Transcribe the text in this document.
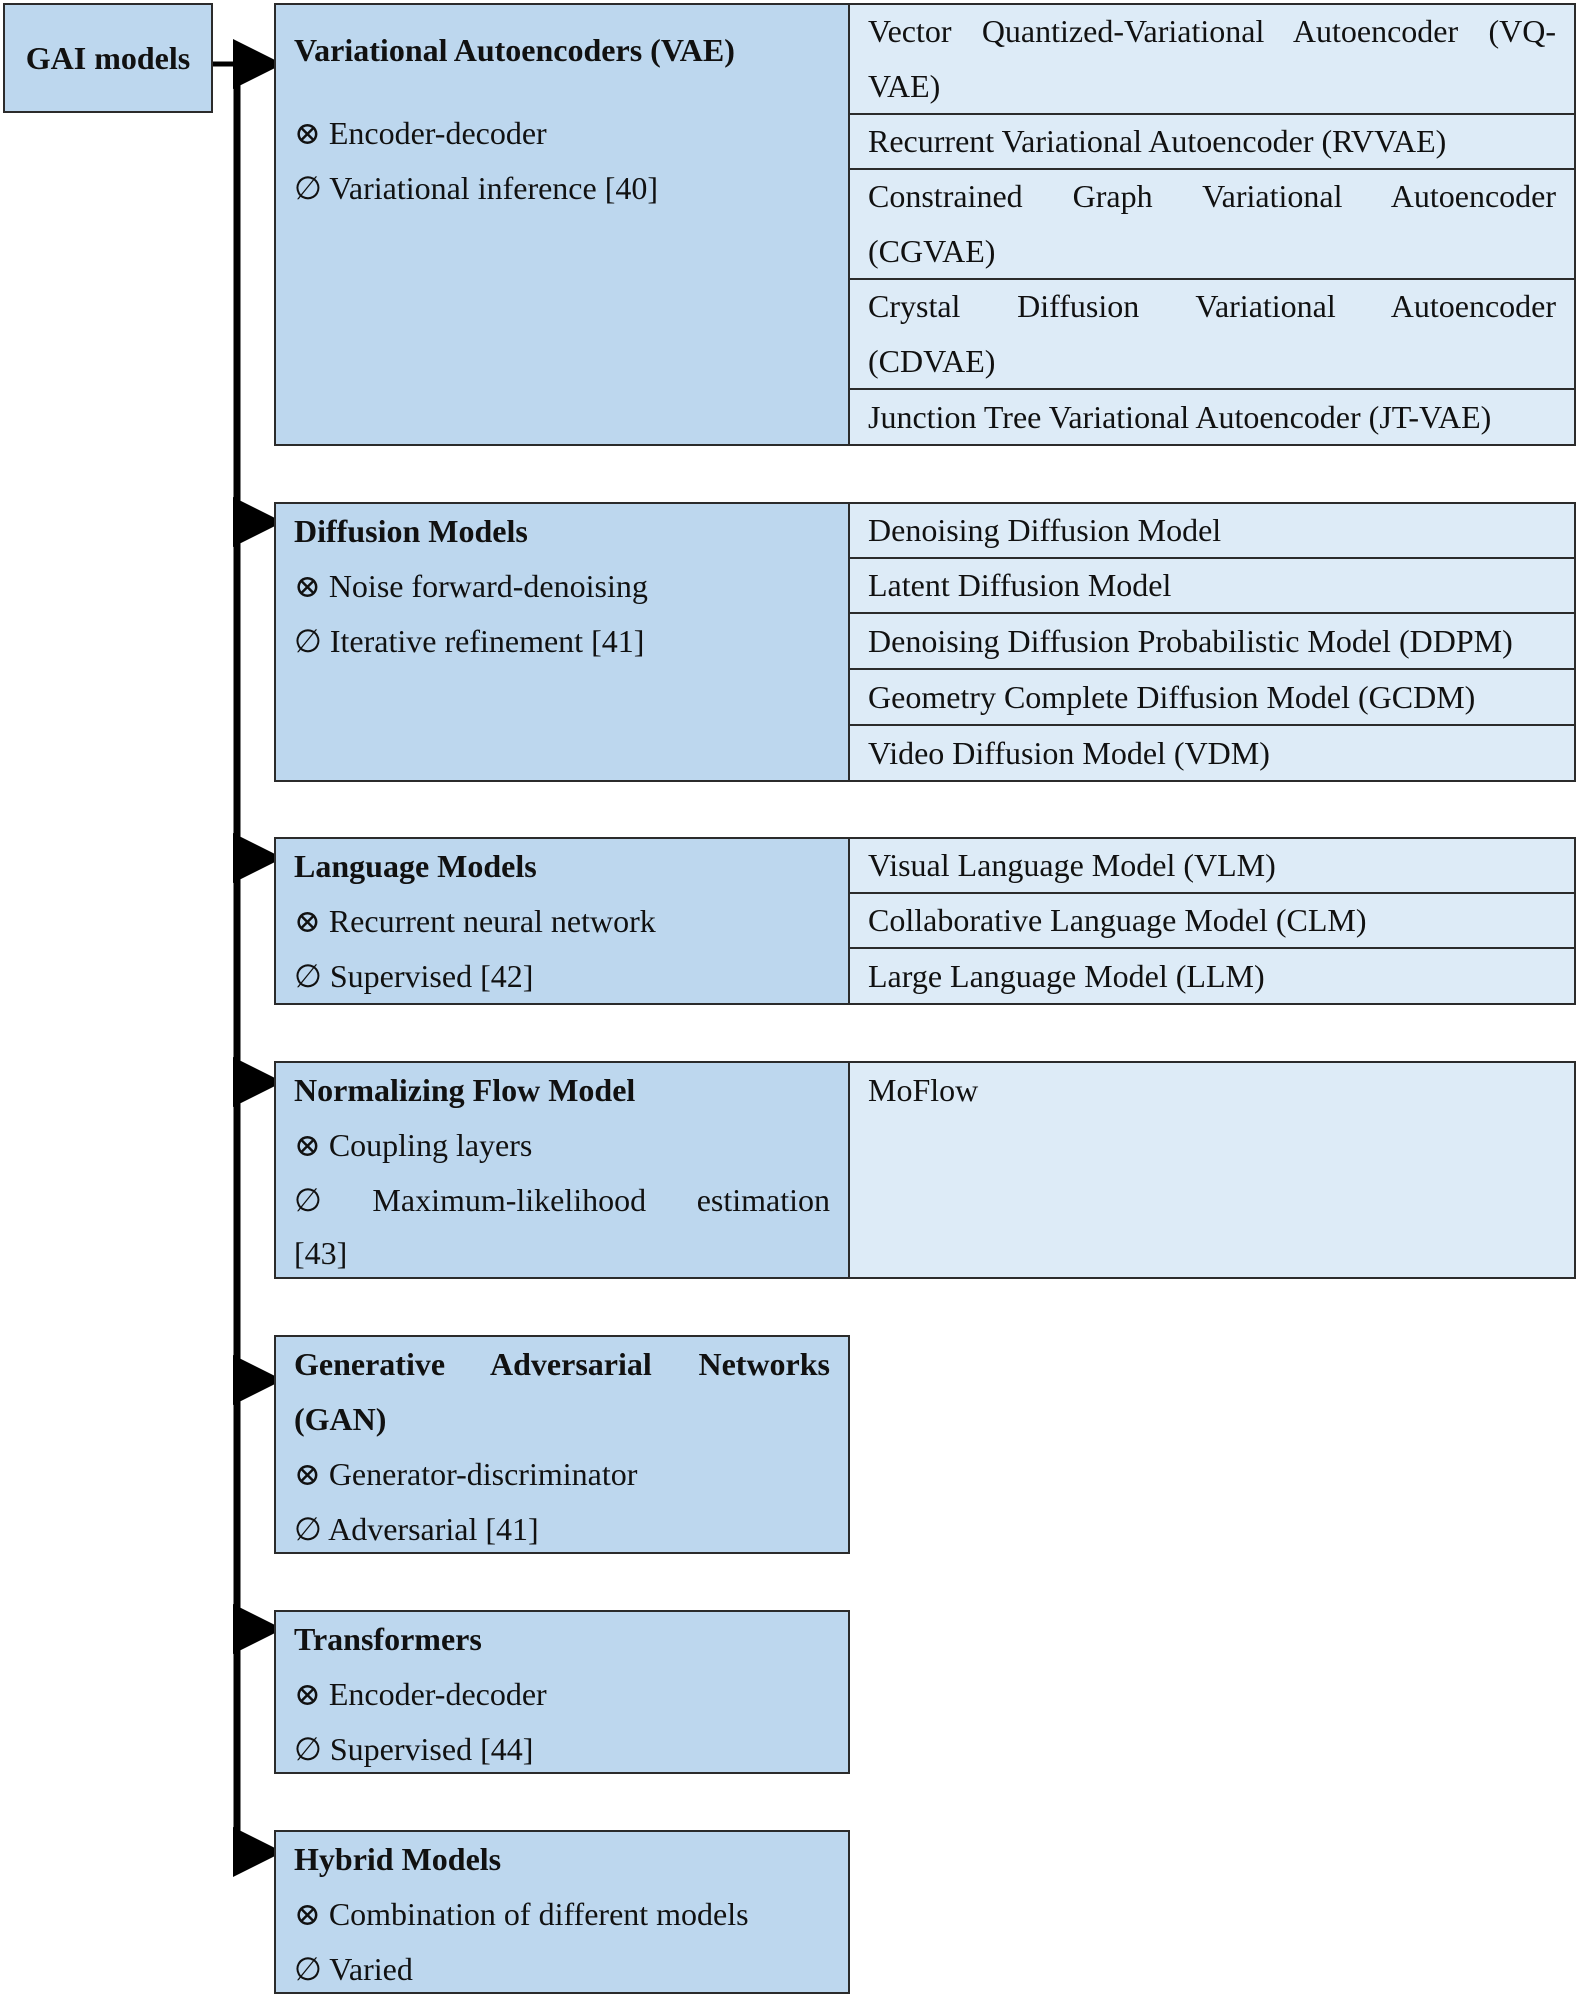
GAI models	Variational Autoencoders (VAE)
⊗ Encoder-decoder
∅ Variational inference [40]
Vector Quantized-Variational Autoencoder (VQ-
VAE)
Recurrent Variational Autoencoder (RVVAE)
Constrained Graph Variational Autoencoder
(CGVAE)
Crystal Diffusion Variational Autoencoder
(CDVAE)
Junction Tree Variational Autoencoder (JT-VAE)
Diffusion Models
⊗ Noise forward-denoising
∅ Iterative refinement [41]
Denoising Diffusion Model
Latent Diffusion Model
Denoising Diffusion Probabilistic Model (DDPM)
Geometry Complete Diffusion Model (GCDM)
Video Diffusion Model (VDM)
Language Models
⊗ Recurrent neural network
∅ Supervised [42]
Visual Language Model (VLM)
Collaborative Language Model (CLM)
Large Language Model (LLM)
Normalizing Flow Model
⊗ Coupling layers
∅ Maximum-likelihood estimation
[43]
MoFlow
Generative Adversarial Networks
(GAN)
⊗ Generator-discriminator
∅ Adversarial [41]
Transformers
⊗ Encoder-decoder
∅ Supervised [44]
Hybrid Models
⊗ Combination of different models
∅ Varied
